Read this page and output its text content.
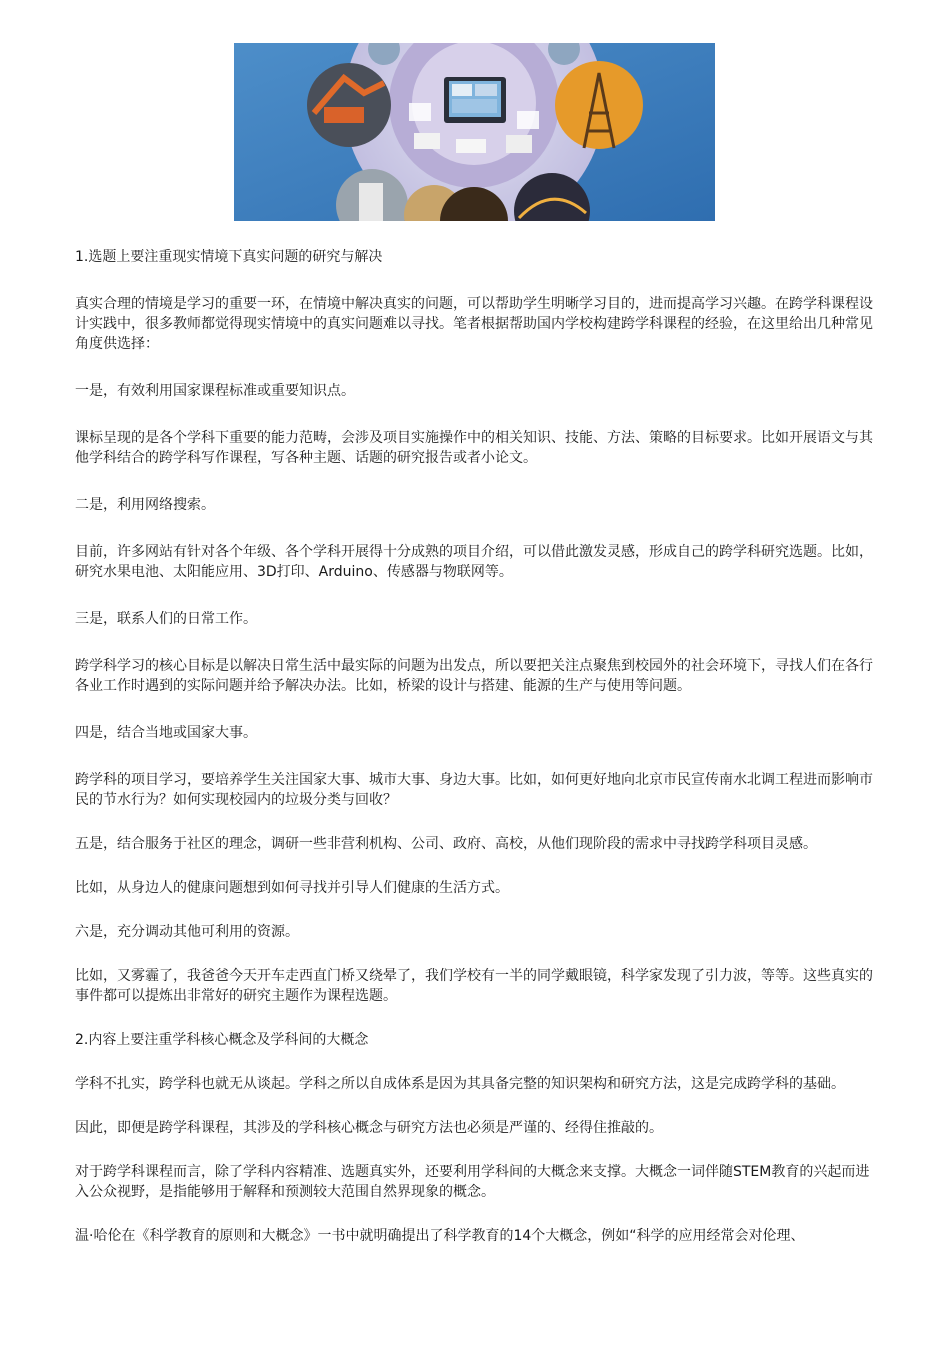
1.选题上要注重现实情境下真实问题的研究与解决

真实合理的情境是学习的重要一环，在情境中解决真实的问题，可以帮助学生明晰学习目的，进而提高学习兴趣。在跨学科课程设计实践中，很多教师都觉得现实情境中的真实问题难以寻找。笔者根据帮助国内学校构建跨学科课程的经验，在这里给出几种常见角度供选择：

一是，有效利用国家课程标准或重要知识点。

课标呈现的是各个学科下重要的能力范畴，会涉及项目实施操作中的相关知识、技能、方法、策略的目标要求。比如开展语文与其他学科结合的跨学科写作课程，写各种主题、话题的研究报告或者小论文。

二是，利用网络搜索。

目前，许多网站有针对各个年级、各个学科开展得十分成熟的项目介绍，可以借此激发灵感，形成自己的跨学科研究选题。比如，研究水果电池、太阳能应用、3D打印、Arduino、传感器与物联网等。

三是，联系人们的日常工作。

跨学科学习的核心目标是以解决日常生活中最实际的问题为出发点，所以要把关注点聚焦到校园外的社会环境下，寻找人们在各行各业工作时遇到的实际问题并给予解决办法。比如，桥梁的设计与搭建、能源的生产与使用等问题。

四是，结合当地或国家大事。

跨学科的项目学习，要培养学生关注国家大事、城市大事、身边大事。比如，如何更好地向北京市民宣传南水北调工程进而影响市民的节水行为？如何实现校园内的垃圾分类与回收？

五是，结合服务于社区的理念，调研一些非营利机构、公司、政府、高校，从他们现阶段的需求中寻找跨学科项目灵感。

比如，从身边人的健康问题想到如何寻找并引导人们健康的生活方式。

六是，充分调动其他可利用的资源。

比如，又雾霾了，我爸爸今天开车走西直门桥又绕晕了，我们学校有一半的同学戴眼镜，科学家发现了引力波，等等。这些真实的事件都可以提炼出非常好的研究主题作为课程选题。

2.内容上要注重学科核心概念及学科间的大概念

学科不扎实，跨学科也就无从谈起。学科之所以自成体系是因为其具备完整的知识架构和研究方法，这是完成跨学科的基础。

因此，即便是跨学科课程，其涉及的学科核心概念与研究方法也必须是严谨的、经得住推敲的。

对于跨学科课程而言，除了学科内容精准、选题真实外，还要利用学科间的大概念来支撑。大概念一词伴随STEM教育的兴起而进入公众视野，是指能够用于解释和预测较大范围自然界现象的概念。

温·哈伦在《科学教育的原则和大概念》一书中就明确提出了科学教育的14个大概念，例如“科学的应用经常会对伦理、
